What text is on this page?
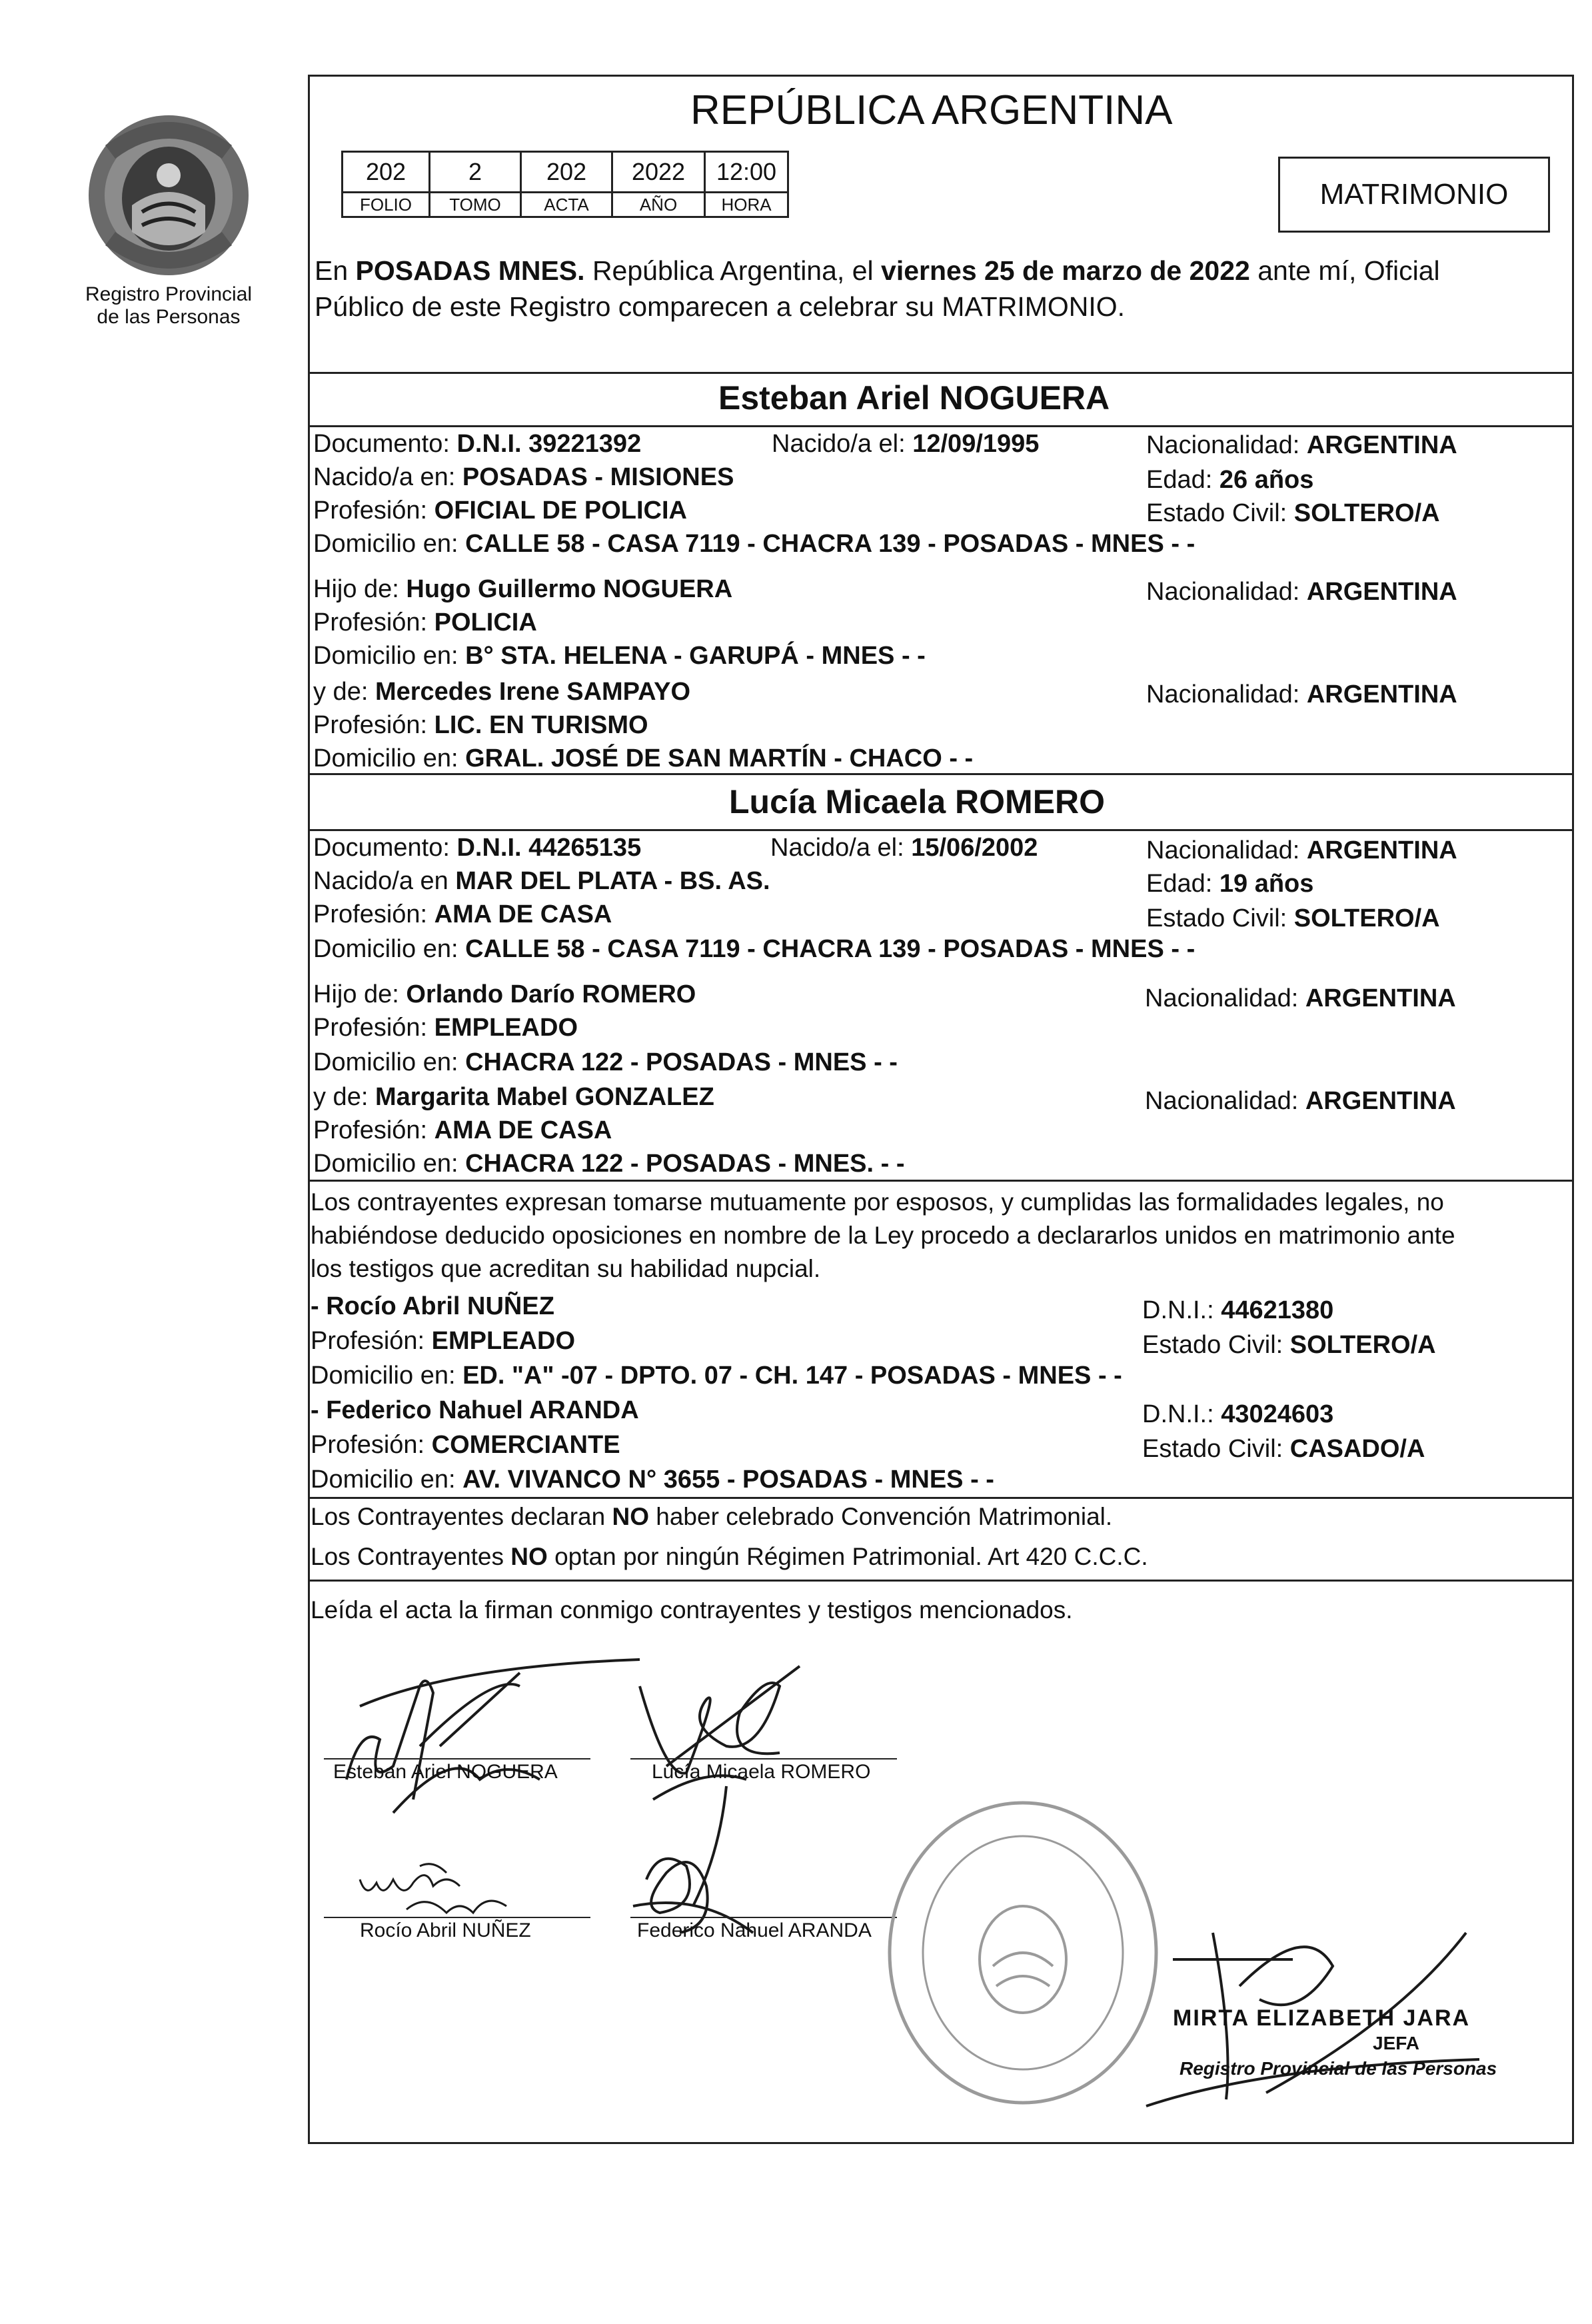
Registro Provincial
de las Personas
REPÚBLICA ARGENTINA
202	2	202	2022	12:00
FOLIO	TOMO	ACTA	AÑO	HORA	MATRIMONIO
En POSADAS MNES. República Argentina, el viernes 25 de marzo de 2022 ante mí, Oficial
Público de este Registro comparecen a celebrar su MATRIMONIO.
Esteban Ariel NOGUERA
Documento: D.N.I. 39221392	Nacido/a el: 12/09/1995	Nacionalidad: ARGENTINA
Nacido/a en: POSADAS - MISIONES	Edad: 26 años
Profesión: OFICIAL DE POLICIA	Estado Civil: SOLTERO/A
Domicilio en: CALLE 58 - CASA 7119 - CHACRA 139 - POSADAS - MNES - -
Hijo de: Hugo Guillermo NOGUERA	Nacionalidad: ARGENTINA
Profesión: POLICIA
Domicilio en: B° STA. HELENA - GARUPÁ - MNES - -
y de: Mercedes Irene SAMPAYO	Nacionalidad: ARGENTINA
Profesión: LIC. EN TURISMO
Domicilio en: GRAL. JOSÉ DE SAN MARTÍN - CHACO - -
Lucía Micaela ROMERO
Documento: D.N.I. 44265135	Nacido/a el: 15/06/2002	Nacionalidad: ARGENTINA
Nacido/a en MAR DEL PLATA - BS. AS.	Edad: 19 años
Profesión: AMA DE CASA	Estado Civil: SOLTERO/A
Domicilio en: CALLE 58 - CASA 7119 - CHACRA 139 - POSADAS - MNES - -
Hijo de: Orlando Darío ROMERO	Nacionalidad: ARGENTINA
Profesión: EMPLEADO
Domicilio en: CHACRA 122 - POSADAS - MNES - -
y de: Margarita Mabel GONZALEZ	Nacionalidad: ARGENTINA
Profesión: AMA DE CASA
Domicilio en: CHACRA 122 - POSADAS - MNES. - -
Los contrayentes expresan tomarse mutuamente por esposos, y cumplidas las formalidades legales, no
habiéndose deducido oposiciones en nombre de la Ley procedo a declararlos unidos en matrimonio ante
los testigos que acreditan su habilidad nupcial.
- Rocío Abril NUÑEZ	D.N.I.: 44621380
Profesión: EMPLEADO	Estado Civil: SOLTERO/A
Domicilio en: ED. "A" -07 - DPTO. 07 - CH. 147 - POSADAS - MNES - -
- Federico Nahuel ARANDA	D.N.I.: 43024603
Profesión: COMERCIANTE	Estado Civil: CASADO/A
Domicilio en: AV. VIVANCO N° 3655 - POSADAS - MNES - -
Los Contrayentes declaran NO haber celebrado Convención Matrimonial.
Los Contrayentes NO optan por ningún Régimen Patrimonial. Art 420 C.C.C.
Leída el acta la firman conmigo contrayentes y testigos mencionados.
Esteban Ariel NOGUERA	Lucía Micaela ROMERO
Rocío Abril NUÑEZ	Federico Nahuel ARANDA
MIRTA ELIZABETH JARA
JEFA
Registro Provincial de las Personas
